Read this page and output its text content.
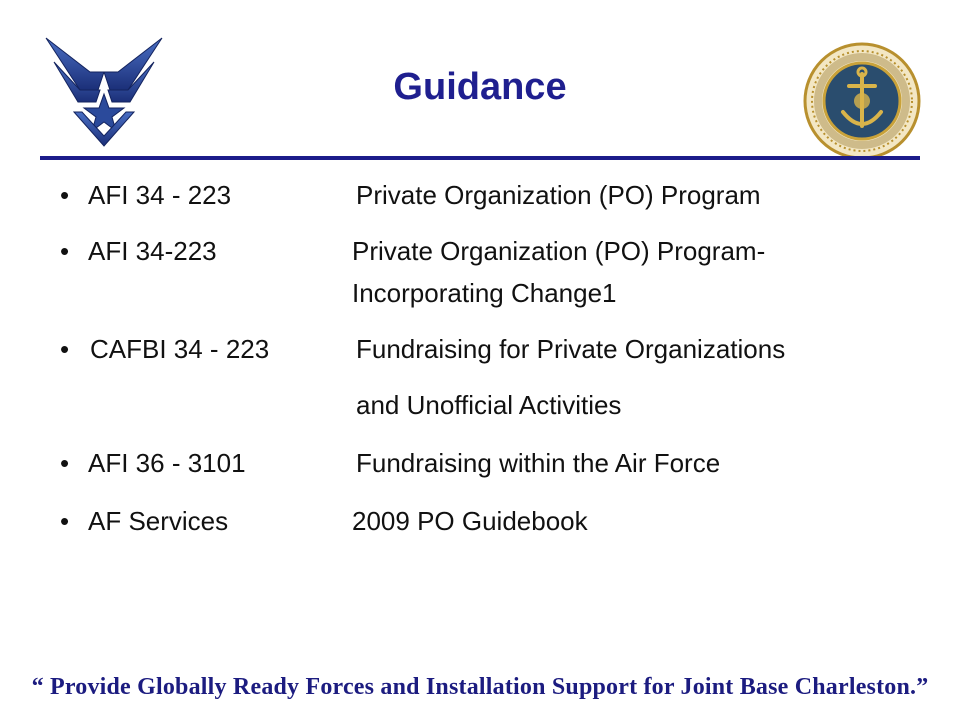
Guidance
• AFI 34 - 223	Private Organization (PO) Program
• AFI 34-223	Private Organization (PO) Program-
Incorporating Change1
• CAFBI 34 - 223	Fundraising for Private Organizations
and Unofficial Activities
• AFI 36 - 3101	Fundraising within the Air Force
• AF Services	2009 PO Guidebook
“ Provide Globally Ready Forces and Installation Support for Joint Base Charleston.”
